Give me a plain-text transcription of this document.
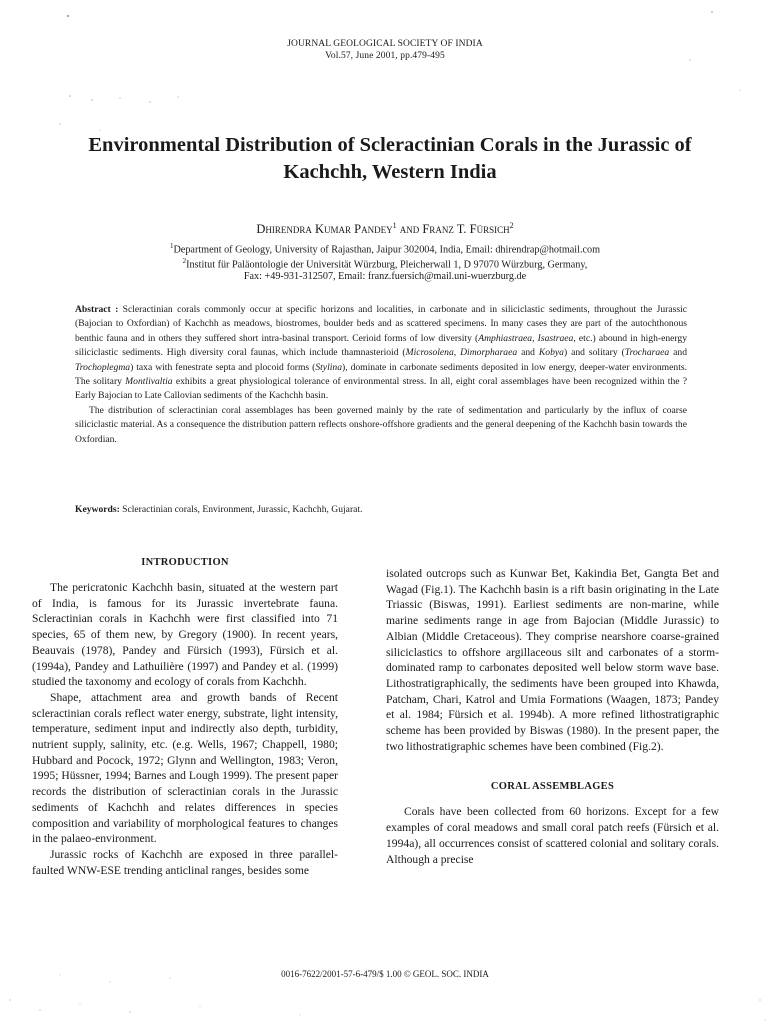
JOURNAL GEOLOGICAL SOCIETY OF INDIA
Vol.57, June 2001, pp.479-495
Environmental Distribution of Scleractinian Corals in the Jurassic of Kachchh, Western India
Dhirendra Kumar Pandey$^1$ and Franz T. Fürsich$^2$
$^1$Department of Geology, University of Rajasthan, Jaipur 302004, India, Email: dhirendrap@hotmail.com
$^2$Institut für Paläontologie der Universität Würzburg, Pleicherwall 1, D 97070 Würzburg, Germany,
Fax: +49-931-312507, Email: franz.fuersich@mail.uni-wuerzburg.de

Abstract : Scleractinian corals commonly occur at specific horizons and localities, in carbonate and in siliciclastic sediments, throughout the Jurassic (Bajocian to Oxfordian) of Kachchh as meadows, biostromes, boulder beds and as scattered specimens. In many cases they are part of the autochthonous benthic fauna and in others they suffered short intra-basinal transport. Cerioid forms of low diversity (Amphiastraea, Isastraea, etc.) abound in high-energy siliciclastic sediments. High diversity coral faunas, which include thamnasterioid (Microsolena, Dimorpharaea and Kobya) and solitary (Trocharaea and Trochoplegma) taxa with fenestrate septa and plocoid forms (Stylina), dominate in carbonate sediments deposited in low energy, deeper-water environments. The solitary Montlivaltia exhibits a great physiological tolerance of environmental stress. In all, eight coral assemblages have been recognized within the ?Early Bajocian to Late Callovian sediments of the Kachchh basin.

The distribution of scleractinian coral assemblages has been governed mainly by the rate of sedimentation and particularly by the influx of coarse siliciclastic material. As a consequence the distribution pattern reflects onshore-offshore gradients and the general deepening of the Kachchh basin towards the Oxfordian.

Keywords: Scleractinian corals, Environment, Jurassic, Kachchh, Gujarat.
INTRODUCTION

The pericratonic Kachchh basin, situated at the western part of India, is famous for its Jurassic invertebrate fauna. Scleractinian corals in Kachchh were first classified into 71 species, 65 of them new, by Gregory (1900). In recent years, Beauvais (1978), Pandey and Fürsich (1993), Fürsich et al. (1994a), Pandey and Lathuilière (1997) and Pandey et al. (1999) studied the taxonomy and ecology of corals from Kachchh.

Shape, attachment area and growth bands of Recent scleractinian corals reflect water energy, substrate, light intensity, temperature, sediment input and indirectly also depth, turbidity, nutrient supply, salinity, etc. (e.g. Wells, 1967; Chappell, 1980; Hubbard and Pocock, 1972; Glynn and Wellington, 1983; Veron, 1995; Hüssner, 1994; Barnes and Lough 1999). The present paper records the distribution of scleractinian corals in the Jurassic sediments of Kachchh and relates differences in species composition and variability of morphological features to changes in the palaeo-environment.

Jurassic rocks of Kachchh are exposed in three parallel-faulted WNW-ESE trending anticlinal ranges, besides some

isolated outcrops such as Kunwar Bet, Kakindia Bet, Gangta Bet and Wagad (Fig.1). The Kachchh basin is a rift basin originating in the Late Triassic (Biswas, 1991). Earliest sediments are non-marine, while marine sediments range in age from Bajocian (Middle Jurassic) to Albian (Middle Cretaceous). They comprise nearshore coarse-grained siliciclastics to offshore argillaceous silt and carbonates of a storm-dominated ramp to carbonates deposited well below storm wave base. Lithostratigraphically, the sediments have been grouped into Khawda, Patcham, Chari, Katrol and Umia Formations (Waagen, 1873; Pandey et al. 1984; Fürsich et al. 1994b). A more refined lithostratigraphic scheme has been provided by Biswas (1980). In the present paper, the two lithostratigraphic schemes have been combined (Fig.2).

CORAL ASSEMBLAGES

Corals have been collected from 60 horizons. Except for a few examples of coral meadows and small coral patch reefs (Fürsich et al. 1994a), all occurrences consist of scattered colonial and solitary corals. Although a precise

0016-7622/2001-57-6-479/$ 1.00 © GEOL. SOC. INDIA
